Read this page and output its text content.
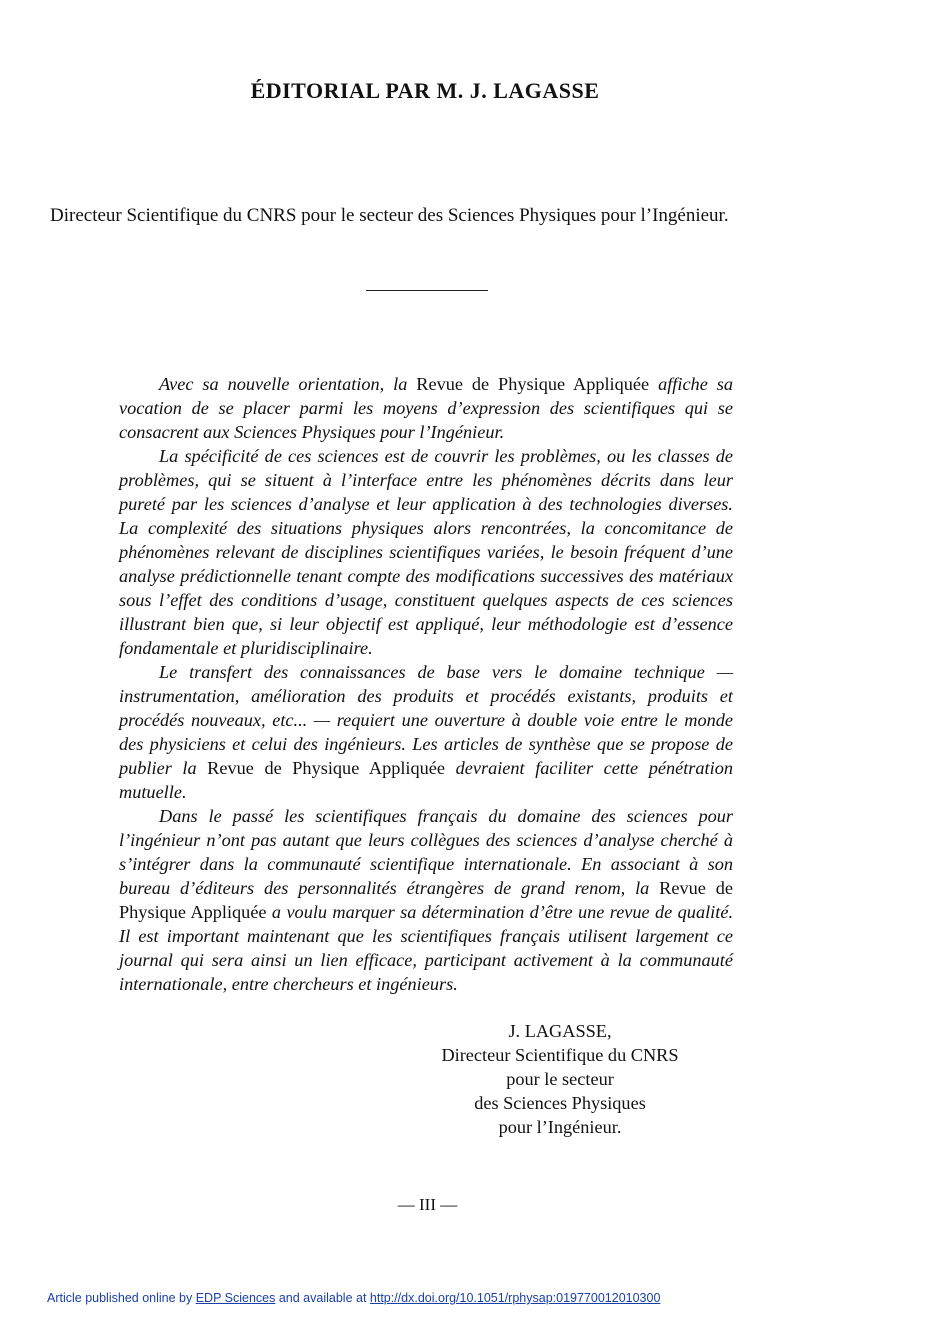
ÉDITORIAL PAR M. J. LAGASSE

Directeur Scientifique du CNRS pour le secteur des Sciences Physiques pour l’Ingénieur.

Avec sa nouvelle orientation, la Revue de Physique Appliquée affiche sa vocation de se placer parmi les moyens d’expression des scientifiques qui se consacrent aux Sciences Physiques pour l’Ingénieur.

La spécificité de ces sciences est de couvrir les problèmes, ou les classes de problèmes, qui se situent à l’interface entre les phénomènes décrits dans leur pureté par les sciences d’analyse et leur application à des technologies diverses. La complexité des situations physiques alors rencontrées, la concomitance de phénomènes relevant de disciplines scientifiques variées, le besoin fréquent d’une analyse prédictionnelle tenant compte des modifications successives des matériaux sous l’effet des conditions d’usage, constituent quelques aspects de ces sciences illustrant bien que, si leur objectif est appliqué, leur méthodologie est d’essence fondamentale et pluridisciplinaire.

Le transfert des connaissances de base vers le domaine technique — instrumentation, amélioration des produits et procédés existants, produits et procédés nouveaux, etc... — requiert une ouverture à double voie entre le monde des physiciens et celui des ingénieurs. Les articles de synthèse que se propose de publier la Revue de Physique Appliquée devraient faciliter cette pénétration mutuelle.

Dans le passé les scientifiques français du domaine des sciences pour l’ingénieur n’ont pas autant que leurs collègues des sciences d’analyse cherché à s’intégrer dans la communauté scientifique internationale. En associant à son bureau d’éditeurs des personnalités étrangères de grand renom, la Revue de Physique Appliquée a voulu marquer sa détermination d’être une revue de qualité. Il est important maintenant que les scientifiques français utilisent largement ce journal qui sera ainsi un lien efficace, participant activement à la communauté internationale, entre chercheurs et ingénieurs.

J. LAGASSE,
Directeur Scientifique du CNRS
pour le secteur
des Sciences Physiques
pour l’Ingénieur.
— III —
Article published online by EDP Sciences and available at http://dx.doi.org/10.1051/rphysap:019770012010300
